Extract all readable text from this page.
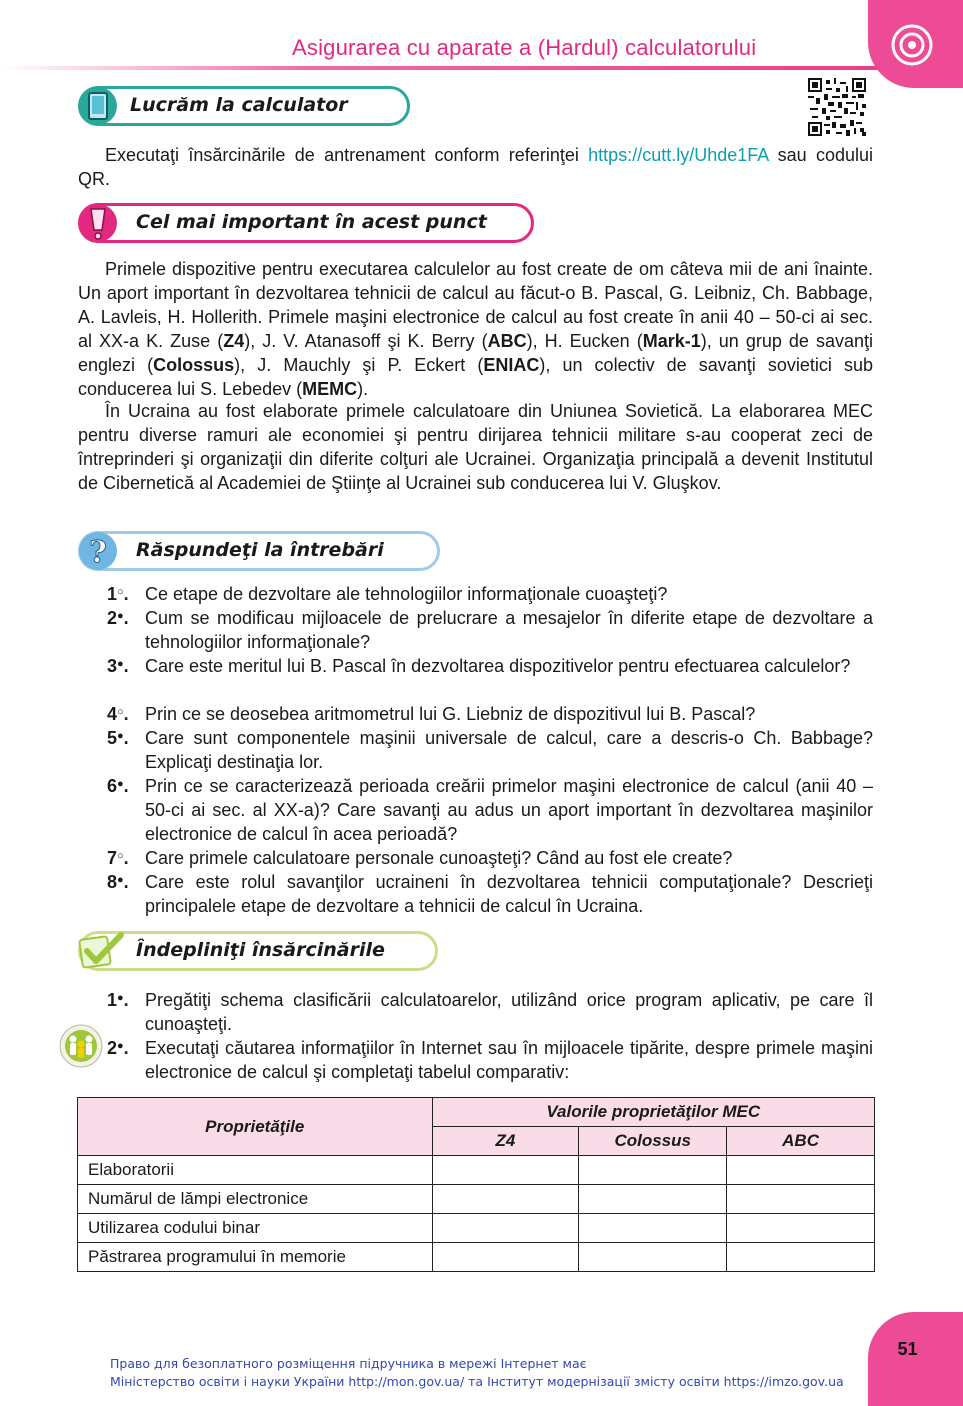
Asigurarea cu aparate a (Hardul) calculatorului
Lucrăm la calculator
Executaţi însărcinările de antrenament conform referinţei https://cutt.ly/Uhde1FA sau codului QR.
Cel mai important în acest punct
Primele dispozitive pentru executarea calculelor au fost create de om câteva mii de ani înainte. Un aport important în dezvoltarea tehnicii de calcul au făcut-o B. Pascal, G. Leibniz, Ch. Babbage, A. Lavleis, H. Hollerith. Primele maşini electronice de calcul au fost create în anii 40 – 50-ci ai sec. al XX-a K. Zuse (Z4), J. V. Atanasoff şi K. Berry (ABC), H. Eucken (Mark-1), un grup de savanţi englezi (Colossus), J. Mauchly şi P. Eckert (ENIAC), un colectiv de savanţi sovietici sub conducerea lui S. Lebedev (MEMC).
În Ucraina au fost elaborate primele calculatoare din Uniunea Sovietică. La elaborarea MEC pentru diverse ramuri ale economiei şi pentru dirijarea tehnicii militare s-au cooperat zeci de întreprinderi şi organizaţii din diferite colţuri ale Ucrainei. Organizaţia principală a devenit Institutul de Cibernetică al Academiei de Ştiinţe al Ucrainei sub conducerea lui V. Gluşkov.
? Răspundeţi la întrebări
1○. Ce etape de dezvoltare ale tehnologiilor informaţionale cuoaşteţi?
2●. Cum se modificau mijloacele de prelucrare a mesajelor în diferite etape de dezvoltare a tehnologiilor informaţionale?
3●. Care este meritul lui B. Pascal în dezvoltarea dispozitivelor pentru efectuarea calculelor?
4○. Prin ce se deosebea aritmometrul lui G. Liebniz de dispozitivul lui B. Pascal?
5●. Care sunt componentele maşinii universale de calcul, care a descris-o Ch. Babbage? Explicaţi destinaţia lor.
6●. Prin ce se caracterizează perioada creării primelor maşini electronice de calcul (anii 40 – 50-ci ai sec. al XX-a)? Care savanţi au adus un aport important în dezvoltarea maşinilor electronice de calcul în acea perioadă?
7○. Care primele calculatoare personale cunoaşteţi? Când au fost ele create?
8●. Care este rolul savanţilor ucraineni în dezvoltarea tehnicii computaţionale? Descrieţi principalele etape de dezvoltare a tehnicii de calcul în Ucraina.
Îndepliniţi însărcinările
1●. Pregătiţi schema clasificării calculatoarelor, utilizând orice program aplicativ, pe care îl cunoaşteţi.
2●. Executaţi căutarea informaţiilor în Internet sau în mijloacele tipărite, despre primele maşini electronice de calcul şi completaţi tabelul comparativ:
Proprietăţile	Valorile proprietăţilor MEC		
	Z4	Colossus	ABC
Elaboratorii			
Numărul de lămpi electronice			
Utilizarea codului binar			
Păstrarea programului în memorie			
51
Право для безоплатного розміщення підручника в мережі Інтернет має
Міністерство освіти і науки України http://mon.gov.ua/ та Інститут модернізації змісту освіти https://imzo.gov.ua
